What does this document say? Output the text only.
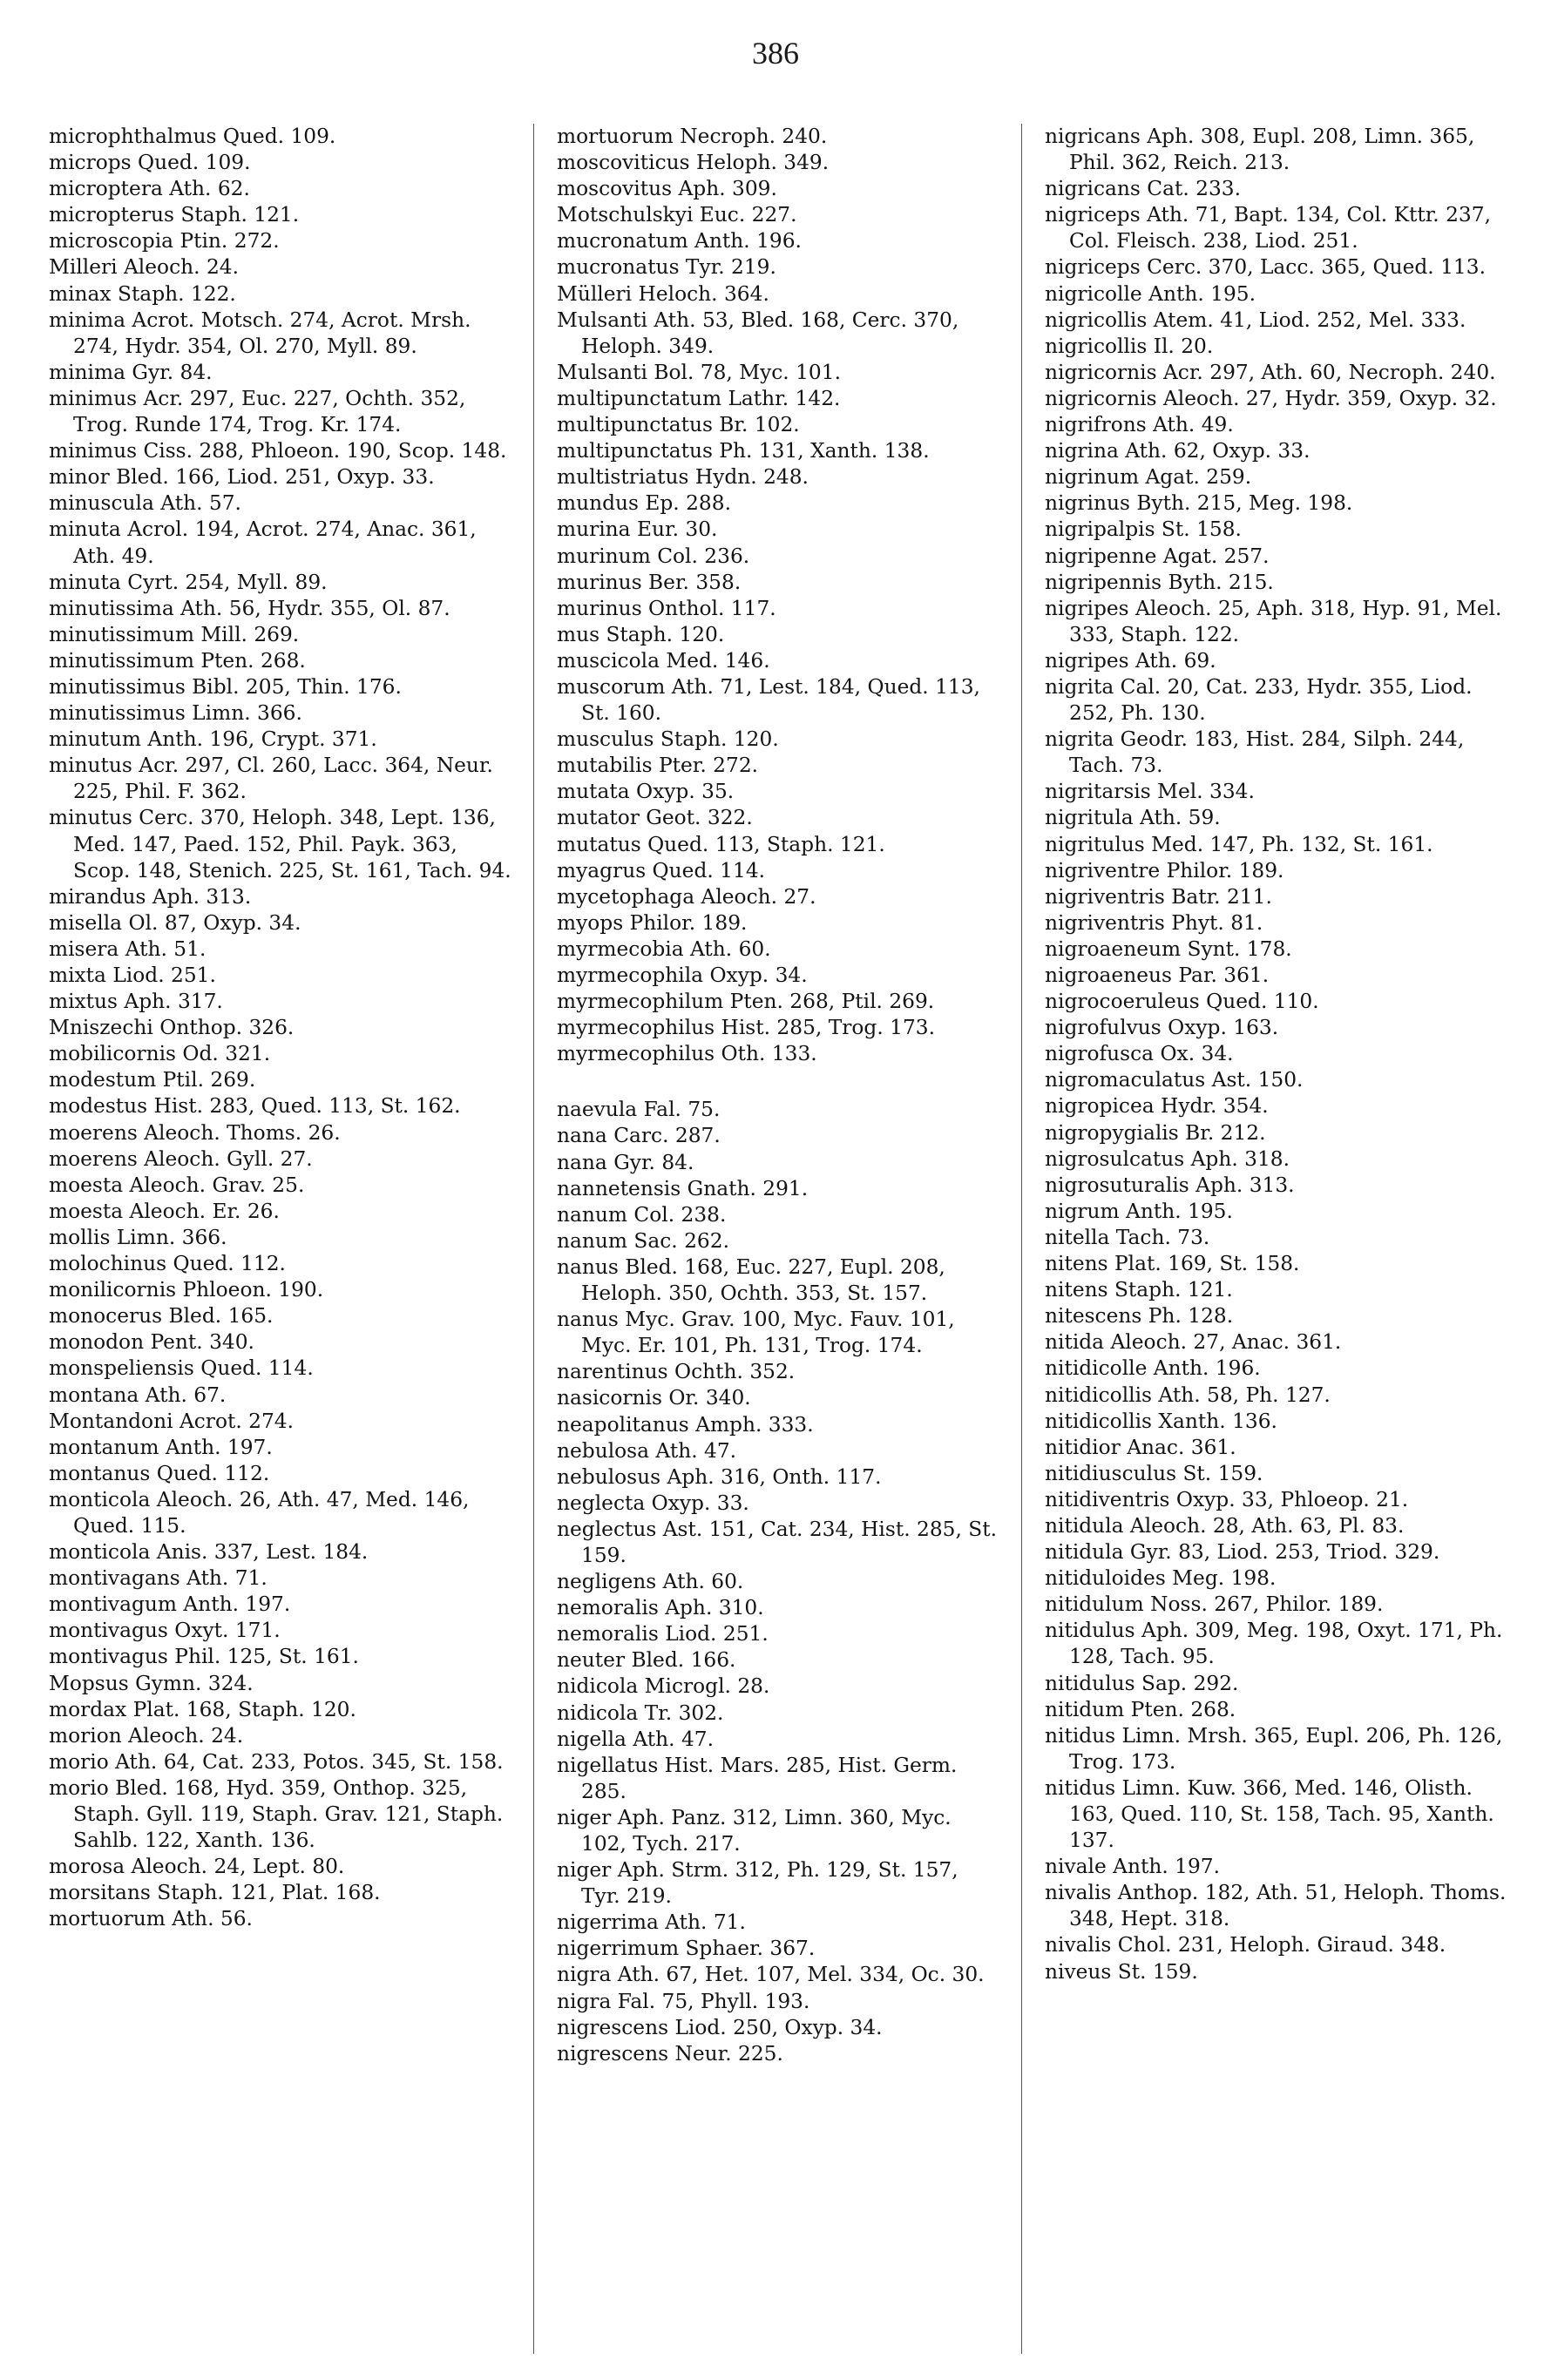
386
microphthalmus Qued. 109.
microps Qued. 109.
microptera Ath. 62.
micropterus Staph. 121.
microscopia Ptin. 272.
Milleri Aleoch. 24.
minax Staph. 122.
minima Acrot. Motsch. 274, Acrot. Mrsh. 274, Hydr. 354, Ol. 270, Myll. 89.
minima Gyr. 84.
minimus Acr. 297, Euc. 227, Ochth. 352, Trog. Runde 174, Trog. Kr. 174.
minimus Ciss. 288, Phloeon. 190, Scop. 148.
minor Bled. 166, Liod. 251, Oxyp. 33.
minuscula Ath. 57.
minuta Acrol. 194, Acrot. 274, Anac. 361, Ath. 49.
minuta Cyrt. 254, Myll. 89.
minutissima Ath. 56, Hydr. 355, Ol. 87.
minutissimum Mill. 269.
minutissimum Pten. 268.
minutissimus Bibl. 205, Thin. 176.
minutissimus Limn. 366.
minutum Anth. 196, Crypt. 371.
minutus Acr. 297, Cl. 260, Lacc. 364, Neur. 225, Phil. F. 362.
minutus Cerc. 370, Heloph. 348, Lept. 136, Med. 147, Paed. 152, Phil. Payk. 363, Scop. 148, Stenich. 225, St. 161, Tach. 94.
mirandus Aph. 313.
misella Ol. 87, Oxyp. 34.
misera Ath. 51.
mixta Liod. 251.
mixtus Aph. 317.
Mniszechi Onthop. 326.
mobilicornis Od. 321.
modestum Ptil. 269.
modestus Hist. 283, Qued. 113, St. 162.
moerens Aleoch. Thoms. 26.
moerens Aleoch. Gyll. 27.
moesta Aleoch. Grav. 25.
moesta Aleoch. Er. 26.
mollis Limn. 366.
molochinus Qued. 112.
monilicornis Phloeon. 190.
monocerus Bled. 165.
monodon Pent. 340.
monspeliensis Qued. 114.
montana Ath. 67.
Montandoni Acrot. 274.
montanum Anth. 197.
montanus Qued. 112.
monticola Aleoch. 26, Ath. 47, Med. 146, Qued. 115.
monticola Anis. 337, Lest. 184.
montivagans Ath. 71.
montivagum Anth. 197.
montivagus Oxyt. 171.
montivagus Phil. 125, St. 161.
Mopsus Gymn. 324.
mordax Plat. 168, Staph. 120.
morion Aleoch. 24.
morio Ath. 64, Cat. 233, Potos. 345, St. 158.
morio Bled. 168, Hyd. 359, Onthop. 325, Staph. Gyll. 119, Staph. Grav. 121, Staph. Sahlb. 122, Xanth. 136.
morosa Aleoch. 24, Lept. 80.
morsitans Staph. 121, Plat. 168.
mortuorum Ath. 56.
mortuorum Necroph. 240.
moscoviticus Heloph. 349.
moscovitus Aph. 309.
Motschulskyi Euc. 227.
mucronatum Anth. 196.
mucronatus Tyr. 219.
Mülleri Heloch. 364.
Mulsanti Ath. 53, Bled. 168, Cerc. 370, Heloph. 349.
Mulsanti Bol. 78, Myc. 101.
multipunctatum Lathr. 142.
multipunctatus Br. 102.
multipunctatus Ph. 131, Xanth. 138.
multistriatus Hydn. 248.
mundus Ep. 288.
murina Eur. 30.
murinum Col. 236.
murinus Ber. 358.
murinus Onthol. 117.
mus Staph. 120.
muscicola Med. 146.
muscorum Ath. 71, Lest. 184, Qued. 113, St. 160.
musculus Staph. 120.
mutabilis Pter. 272.
mutata Oxyp. 35.
mutator Geot. 322.
mutatus Qued. 113, Staph. 121.
myagrus Qued. 114.
mycetophaga Aleoch. 27.
myops Philor. 189.
myrmecobia Ath. 60.
myrmecophila Oxyp. 34.
myrmecophilum Pten. 268, Ptil. 269.
myrmecophilus Hist. 285, Trog. 173.
myrmecophilus Oth. 133.
naevula Fal. 75.
nana Carc. 287.
nana Gyr. 84.
nannetensis Gnath. 291.
nanum Col. 238.
nanum Sac. 262.
nanus Bled. 168, Euc. 227, Eupl. 208, Heloph. 350, Ochth. 353, St. 157.
nanus Myc. Grav. 100, Myc. Fauv. 101, Myc. Er. 101, Ph. 131, Trog. 174.
narentinus Ochth. 352.
nasicornis Or. 340.
neapolitanus Amph. 333.
nebulosa Ath. 47.
nebulosus Aph. 316, Onth. 117.
neglecta Oxyp. 33.
neglectus Ast. 151, Cat. 234, Hist. 285, St. 159.
negligens Ath. 60.
nemoralis Aph. 310.
nemoralis Liod. 251.
neuter Bled. 166.
nidicola Microgl. 28.
nidicola Tr. 302.
nigella Ath. 47.
nigellatus Hist. Mars. 285, Hist. Germ. 285.
niger Aph. Panz. 312, Limn. 360, Myc. 102, Tych. 217.
niger Aph. Strm. 312, Ph. 129, St. 157, Tyr. 219.
nigerrima Ath. 71.
nigerrimum Sphaer. 367.
nigra Ath. 67, Het. 107, Mel. 334, Oc. 30.
nigra Fal. 75, Phyll. 193.
nigrescens Liod. 250, Oxyp. 34.
nigrescens Neur. 225.
nigricans Aph. 308, Eupl. 208, Limn. 365, Phil. 362, Reich. 213.
nigricans Cat. 233.
nigriceps Ath. 71, Bapt. 134, Col. Kttr. 237, Col. Fleisch. 238, Liod. 251.
nigriceps Cerc. 370, Lacc. 365, Qued. 113.
nigricolle Anth. 195.
nigricollis Atem. 41, Liod. 252, Mel. 333.
nigricollis Il. 20.
nigricornis Acr. 297, Ath. 60, Necroph. 240.
nigricornis Aleoch. 27, Hydr. 359, Oxyp. 32.
nigrifrons Ath. 49.
nigrina Ath. 62, Oxyp. 33.
nigrinum Agat. 259.
nigrinus Byth. 215, Meg. 198.
nigripalpis St. 158.
nigripenne Agat. 257.
nigripennis Byth. 215.
nigripes Aleoch. 25, Aph. 318, Hyp. 91, Mel. 333, Staph. 122.
nigripes Ath. 69.
nigrita Cal. 20, Cat. 233, Hydr. 355, Liod. 252, Ph. 130.
nigrita Geodr. 183, Hist. 284, Silph. 244, Tach. 73.
nigritarsis Mel. 334.
nigritula Ath. 59.
nigritulus Med. 147, Ph. 132, St. 161.
nigriventre Philor. 189.
nigriventris Batr. 211.
nigriventris Phyt. 81.
nigroaeneum Synt. 178.
nigroaeneus Par. 361.
nigrocoeruleus Qued. 110.
nigrofulvus Oxyp. 163.
nigrofusca Ox. 34.
nigromaculatus Ast. 150.
nigropicea Hydr. 354.
nigropygialis Br. 212.
nigrosulcatus Aph. 318.
nigrosuturalis Aph. 313.
nigrum Anth. 195.
nitella Tach. 73.
nitens Plat. 169, St. 158.
nitens Staph. 121.
nitescens Ph. 128.
nitida Aleoch. 27, Anac. 361.
nitidicolle Anth. 196.
nitidicollis Ath. 58, Ph. 127.
nitidicollis Xanth. 136.
nitidior Anac. 361.
nitidiusculus St. 159.
nitidiventris Oxyp. 33, Phloeop. 21.
nitidula Aleoch. 28, Ath. 63, Pl. 83.
nitidula Gyr. 83, Liod. 253, Triod. 329.
nitiduloides Meg. 198.
nitidulum Noss. 267, Philor. 189.
nitidulus Aph. 309, Meg. 198, Oxyt. 171, Ph. 128, Tach. 95.
nitidulus Sap. 292.
nitidum Pten. 268.
nitidus Limn. Mrsh. 365, Eupl. 206, Ph. 126, Trog. 173.
nitidus Limn. Kuw. 366, Med. 146, Olisth. 163, Qued. 110, St. 158, Tach. 95, Xanth. 137.
nivale Anth. 197.
nivalis Anthop. 182, Ath. 51, Heloph. Thoms. 348, Hept. 318.
nivalis Chol. 231, Heloph. Giraud. 348.
niveus St. 159.
